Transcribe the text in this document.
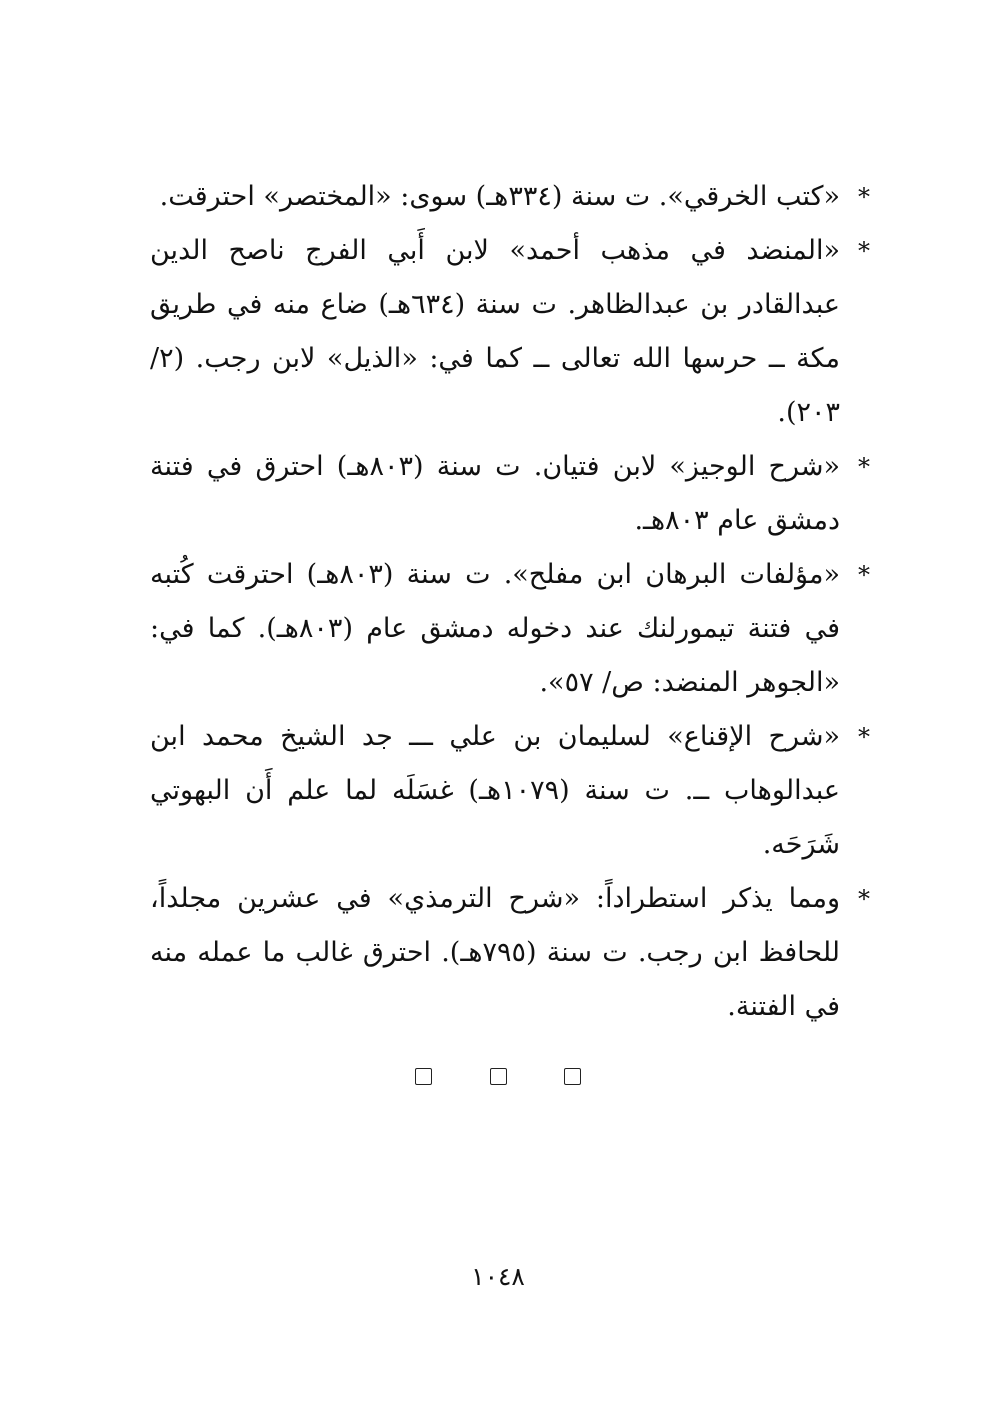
*
«كتب الخرقي». ت سنة (٣٣٤هـ) سوى: «المختصر» احترقت.

*
«المنضد في مذهب أحمد» لابن أَبي الفرج ناصح الدين عبدالقادر بن عبدالظاهر. ت سنة (٦٣٤هـ) ضاع منه في طريق مكة ــ حرسها الله تعالى ــ كما في: «الذيل» لابن رجب. (٢/ ٢٠٣).

*
«شرح الوجيز» لابن فتيان. ت سنة (٨٠٣هـ) احترق في فتنة دمشق عام ٨٠٣هـ.

*
«مؤلفات البرهان ابن مفلح». ت سنة (٨٠٣هـ) احترقت كُتبه في فتنة تيمورلنك عند دخوله دمشق عام (٨٠٣هـ). كما في: «الجوهر المنضد: ص/ ٥٧».

*
«شرح الإقناع» لسليمان بن علي ـــ جد الشيخ محمد ابن عبدالوهاب ــ. ت سنة (١٠٧٩هـ) غسَلَه لما علم أَن البهوتي شَرَحَه.

*
ومما يذكر استطراداً: «شرح الترمذي» في عشرين مجلداً، للحافظ ابن رجب. ت سنة (٧٩٥هـ). احترق غالب ما عمله منه في الفتنة.

١٠٤٨
